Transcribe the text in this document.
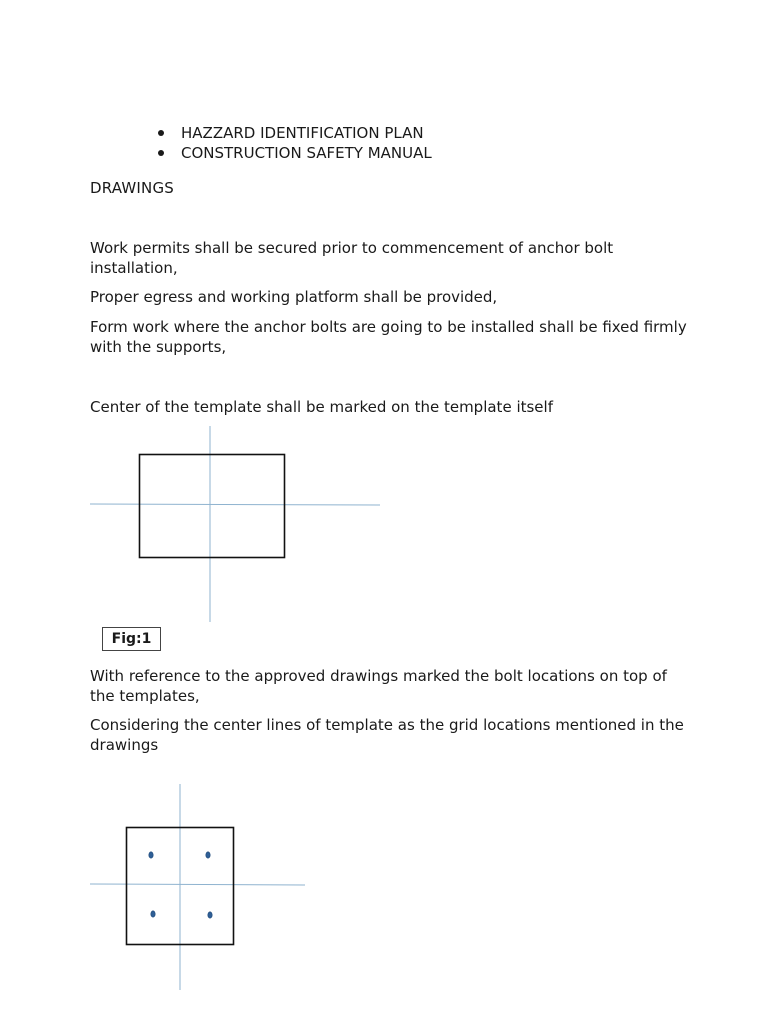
HAZZARD IDENTIFICATION PLAN
CONSTRUCTION SAFETY MANUAL
DRAWINGS

Work permits shall be secured prior to commencement of anchor bolt installation,

Proper egress and working platform shall be provided,

Form work where the anchor bolts are going to be installed shall be fixed firmly with the supports,

Center of the template shall be marked on the template itself

Fig:1

With reference to the approved drawings marked the bolt locations on top of the templates,

Considering the center lines of template as the grid locations mentioned in the drawings
